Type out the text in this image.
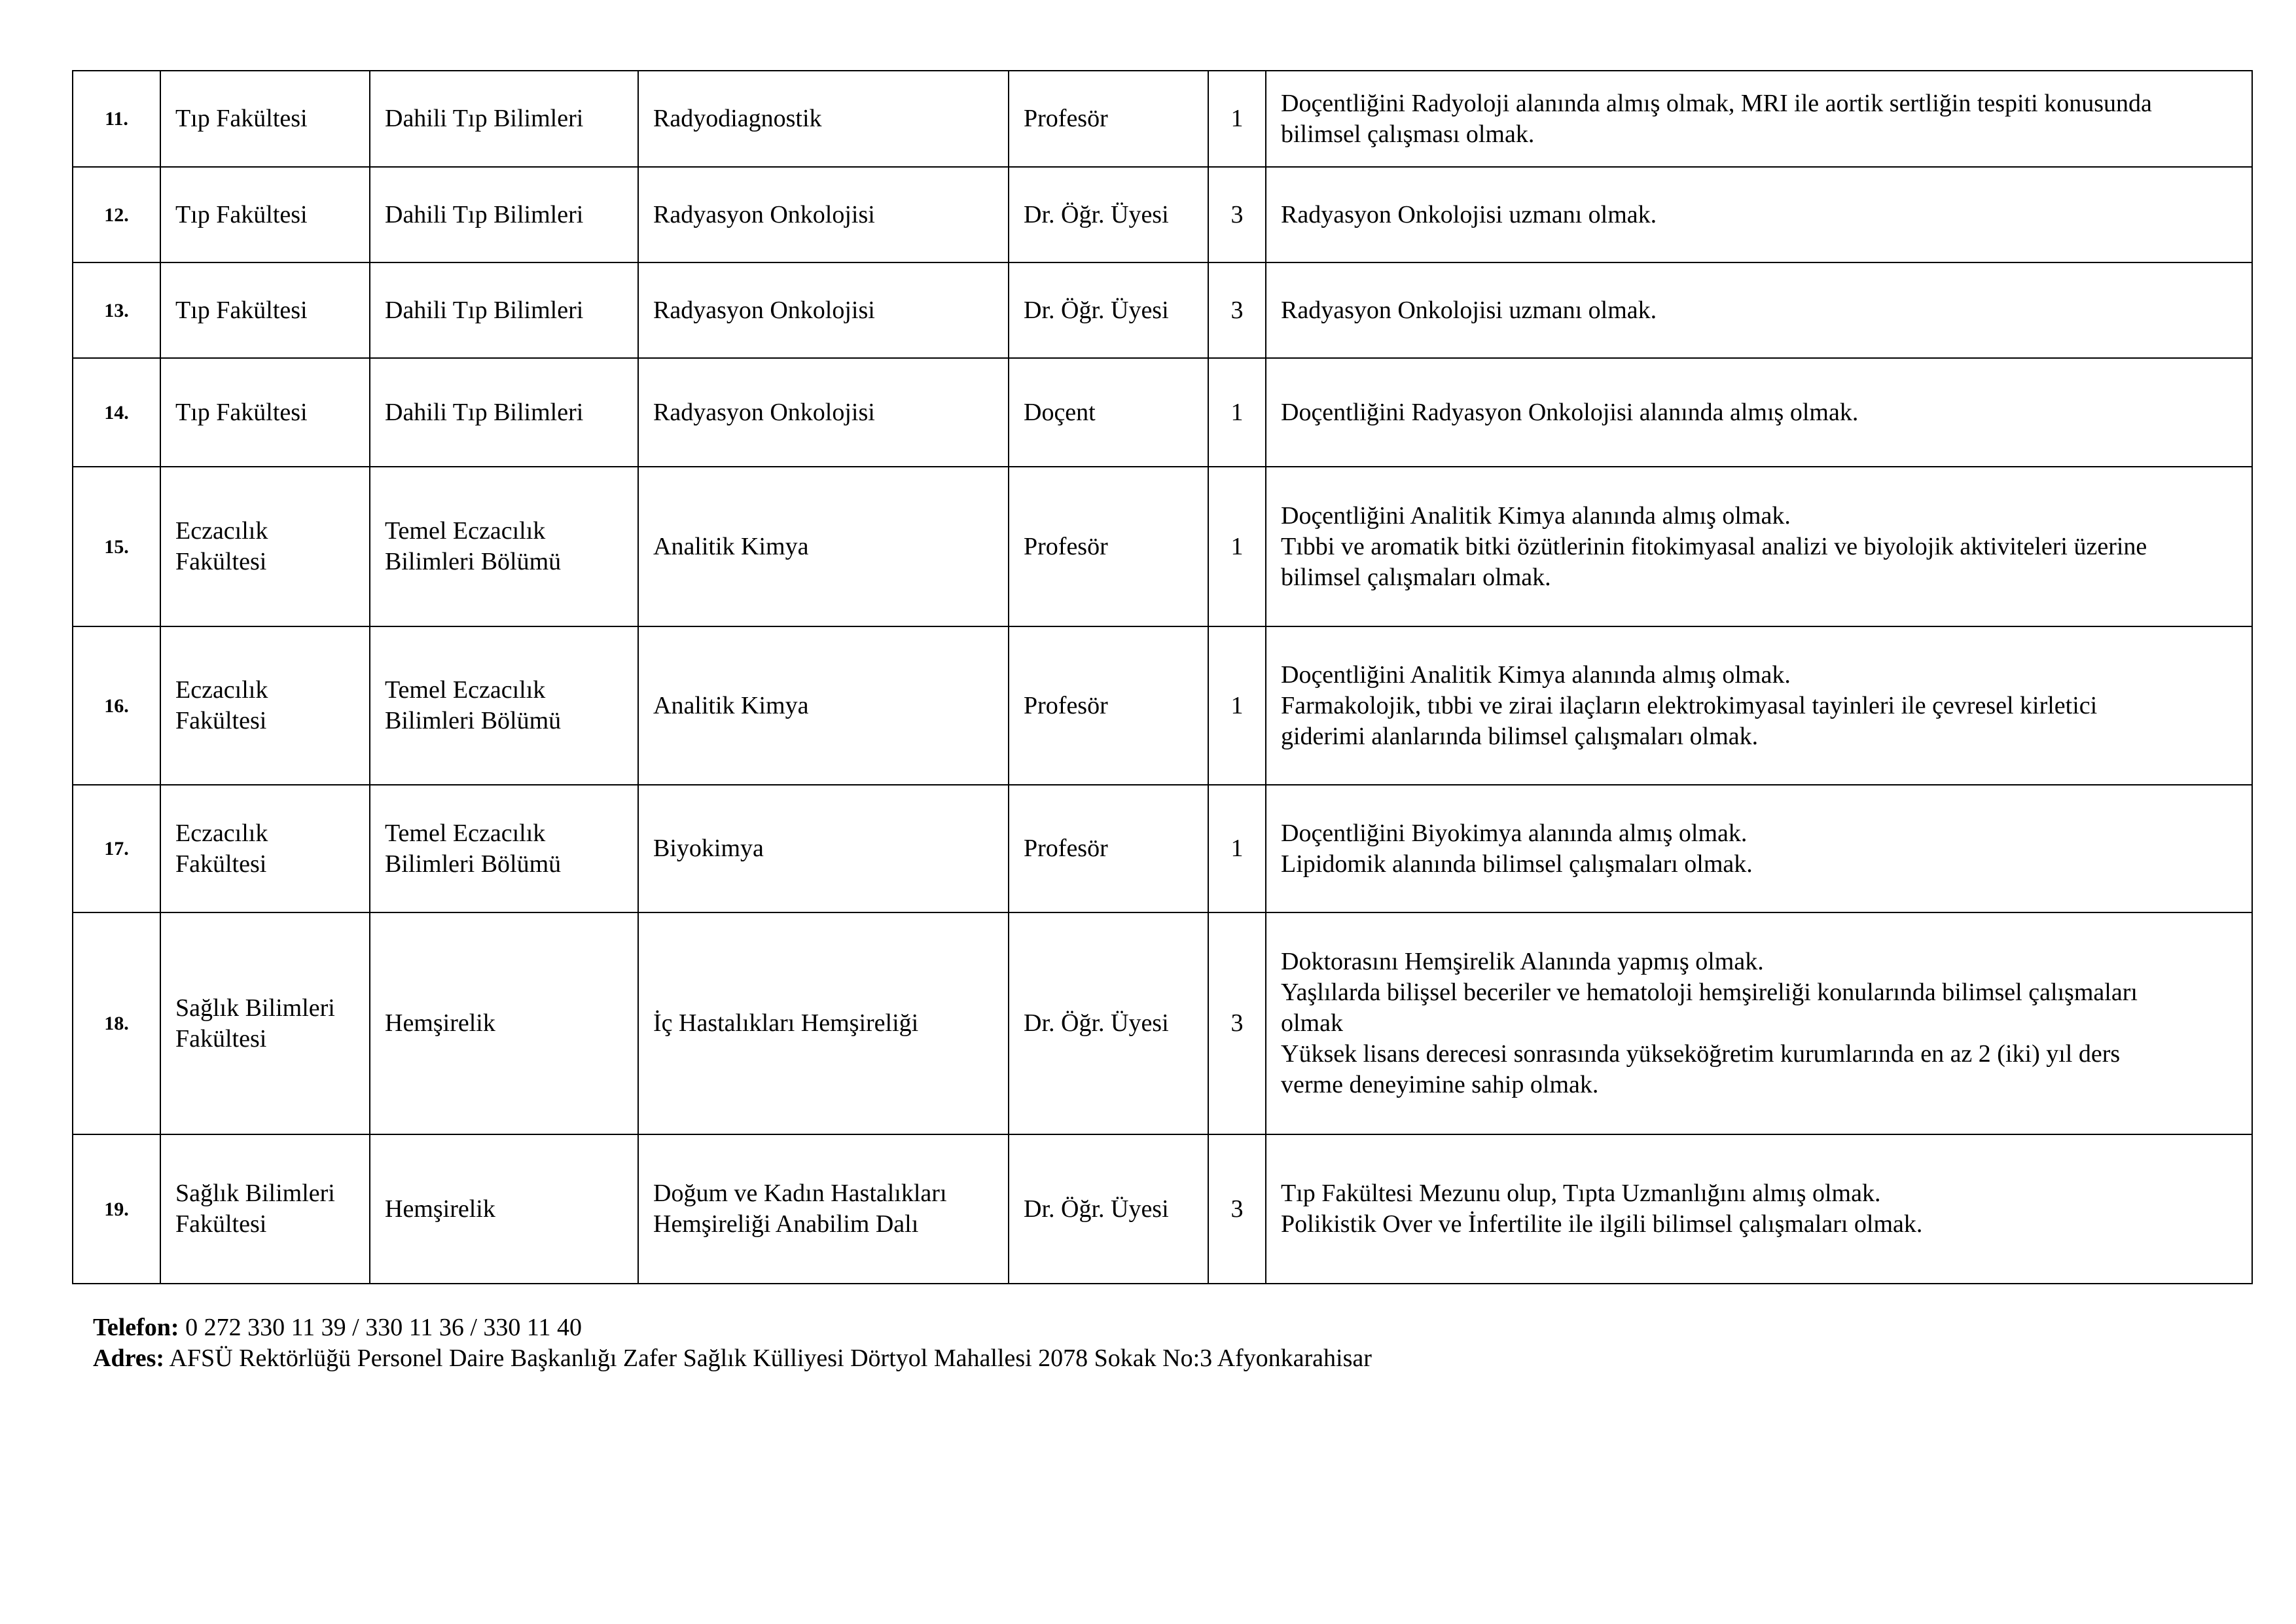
11.	Tıp Fakültesi	Dahili Tıp Bilimleri	Radyodiagnostik	Profesör	1	Doçentliğini Radyoloji alanında almış olmak, MRI ile aortik sertliğin tespiti konusunda
bilimsel çalışması olmak.
12.	Tıp Fakültesi	Dahili Tıp Bilimleri	Radyasyon Onkolojisi	Dr. Öğr. Üyesi	3	Radyasyon Onkolojisi uzmanı olmak.
13.	Tıp Fakültesi	Dahili Tıp Bilimleri	Radyasyon Onkolojisi	Dr. Öğr. Üyesi	3	Radyasyon Onkolojisi uzmanı olmak.
14.	Tıp Fakültesi	Dahili Tıp Bilimleri	Radyasyon Onkolojisi	Doçent	1	Doçentliğini Radyasyon Onkolojisi alanında almış olmak.
15.	Eczacılık
Fakültesi	Temel Eczacılık
Bilimleri Bölümü	Analitik Kimya	Profesör	1	Doçentliğini Analitik Kimya alanında almış olmak.
Tıbbi ve aromatik bitki özütlerinin fitokimyasal analizi ve biyolojik aktiviteleri üzerine
bilimsel çalışmaları olmak.
16.	Eczacılık
Fakültesi	Temel Eczacılık
Bilimleri Bölümü	Analitik Kimya	Profesör	1	Doçentliğini Analitik Kimya alanında almış olmak.
Farmakolojik, tıbbi ve zirai ilaçların elektrokimyasal tayinleri ile çevresel kirletici
giderimi alanlarında bilimsel çalışmaları olmak.
17.	Eczacılık
Fakültesi	Temel Eczacılık
Bilimleri Bölümü	Biyokimya	Profesör	1	Doçentliğini Biyokimya alanında almış olmak.
Lipidomik alanında bilimsel çalışmaları olmak.
18.	Sağlık Bilimleri
Fakültesi	Hemşirelik	İç Hastalıkları Hemşireliği	Dr. Öğr. Üyesi	3	Doktorasını Hemşirelik Alanında yapmış olmak.
Yaşlılarda bilişsel beceriler ve hematoloji hemşireliği konularında bilimsel çalışmaları
olmak
Yüksek lisans derecesi sonrasında yükseköğretim kurumlarında en az 2 (iki) yıl ders
verme deneyimine sahip olmak.
19.	Sağlık Bilimleri
Fakültesi	Hemşirelik	Doğum ve Kadın Hastalıkları
Hemşireliği Anabilim Dalı	Dr. Öğr. Üyesi	3	Tıp Fakültesi Mezunu olup, Tıpta Uzmanlığını almış olmak.
Polikistik Over ve İnfertilite ile ilgili bilimsel çalışmaları olmak.
Telefon: 0 272 330 11 39 / 330 11 36 / 330 11 40
Adres: AFSÜ Rektörlüğü Personel Daire Başkanlığı Zafer Sağlık Külliyesi Dörtyol Mahallesi 2078 Sokak No:3 Afyonkarahisar
